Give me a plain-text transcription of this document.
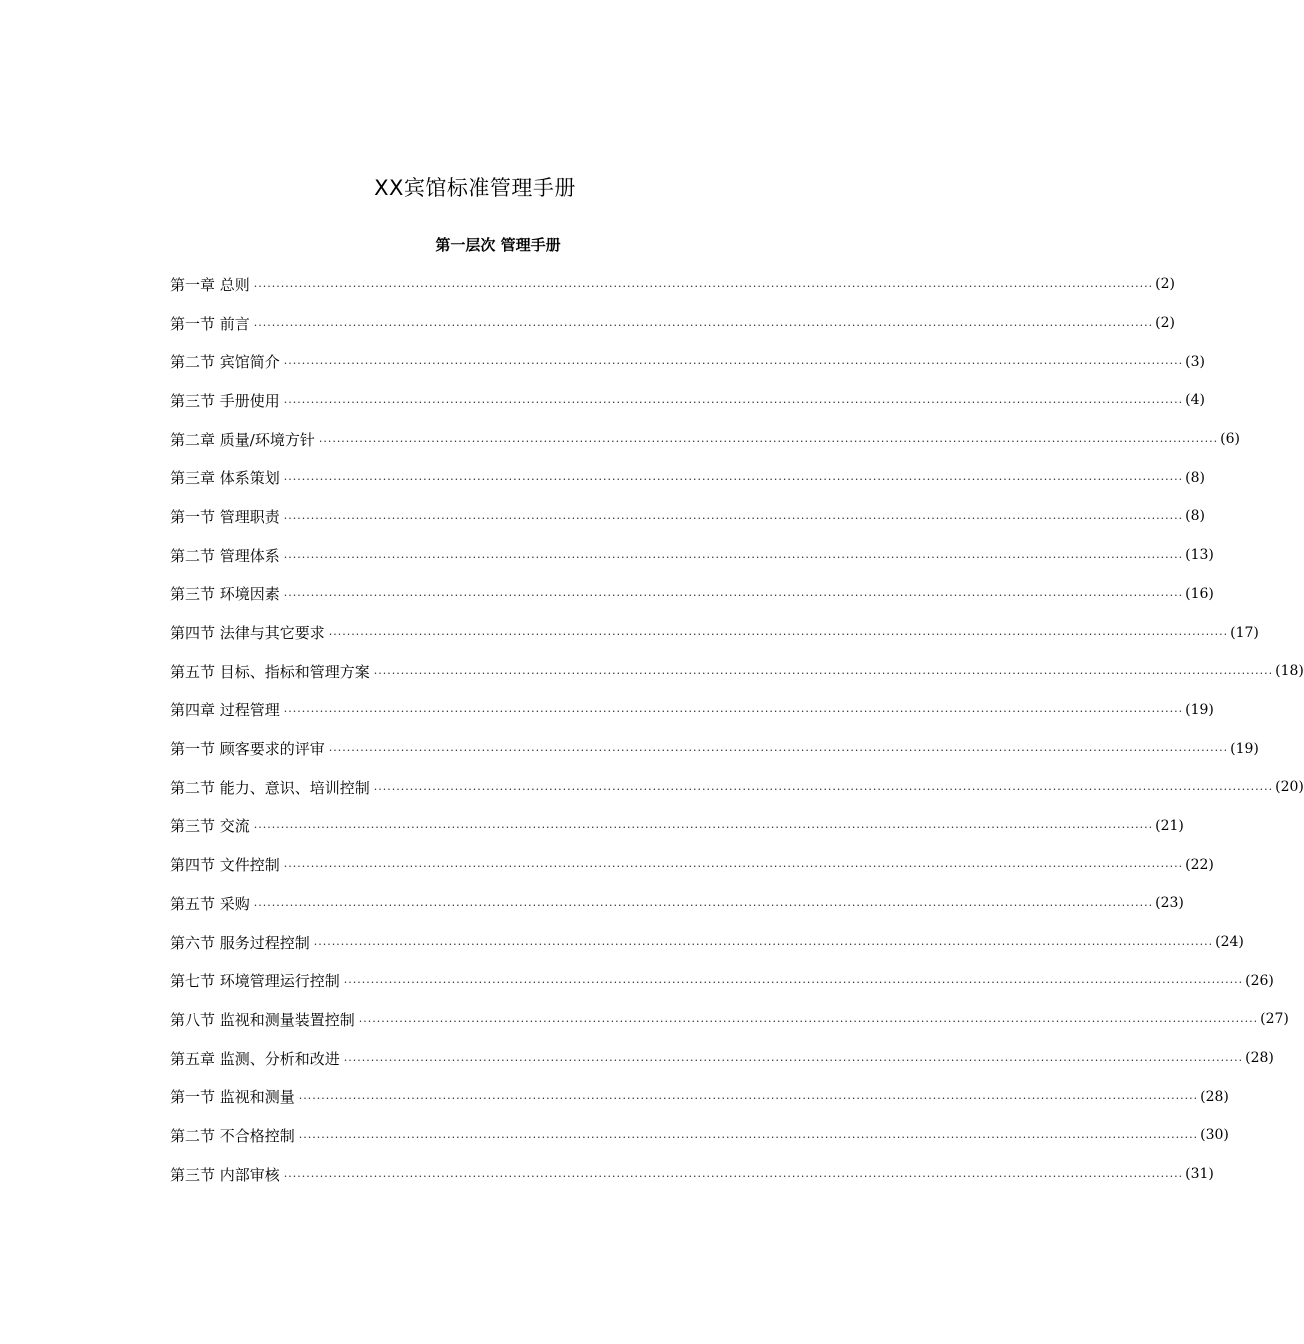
XX宾馆标准管理手册
第一层次 管理手册
第一章 总则 ········································································································································································································ (2)
第一节 前言 ········································································································································································································ (2)
第二节 宾馆简介 ········································································································································································································ (3)
第三节 手册使用 ········································································································································································································ (4)
第二章 质量/环境方针 ········································································································································································································ (6)
第三章 体系策划 ········································································································································································································ (8)
第一节 管理职责 ········································································································································································································ (8)
第二节 管理体系 ········································································································································································································ (13)
第三节 环境因素 ········································································································································································································ (16)
第四节 法律与其它要求 ········································································································································································································ (17)
第五节 目标、指标和管理方案 ········································································································································································································ (18)
第四章 过程管理 ········································································································································································································ (19)
第一节 顾客要求的评审 ········································································································································································································ (19)
第二节 能力、意识、培训控制 ········································································································································································································ (20)
第三节 交流 ········································································································································································································ (21)
第四节 文件控制 ········································································································································································································ (22)
第五节 采购 ········································································································································································································ (23)
第六节 服务过程控制 ········································································································································································································ (24)
第七节 环境管理运行控制 ········································································································································································································ (26)
第八节 监视和测量装置控制 ········································································································································································································ (27)
第五章 监测、分析和改进 ········································································································································································································ (28)
第一节 监视和测量 ········································································································································································································ (28)
第二节 不合格控制 ········································································································································································································ (30)
第三节 内部审核 ········································································································································································································ (31)
